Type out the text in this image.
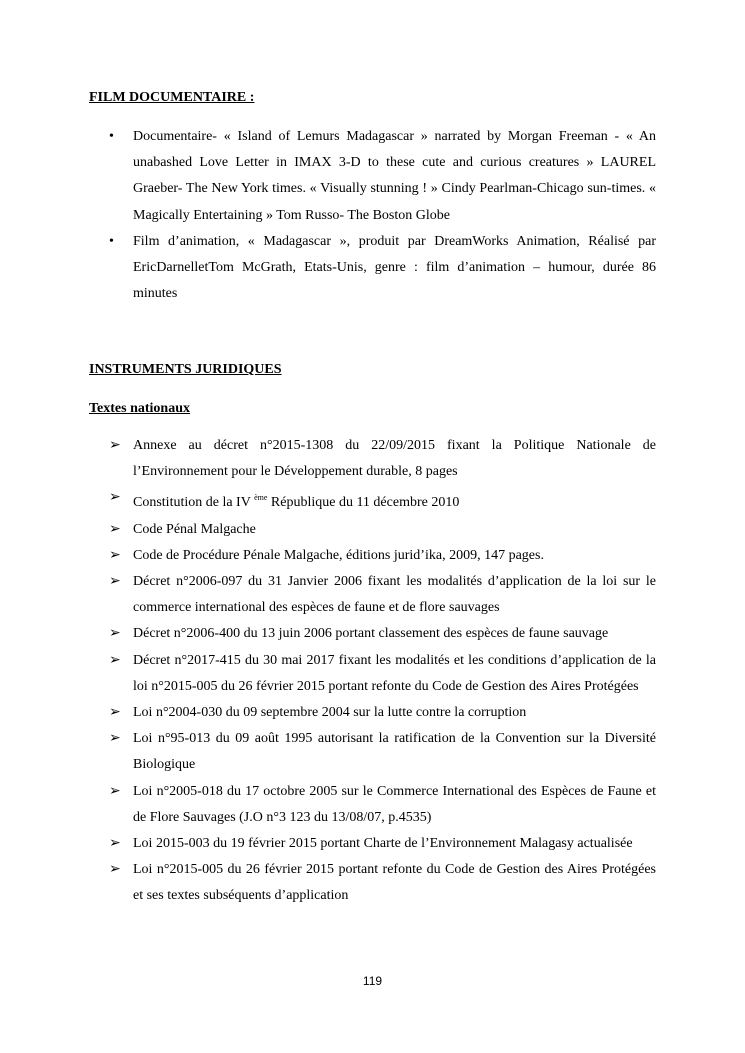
FILM DOCUMENTAIRE :
• Documentaire- « Island of Lemurs Madagascar » narrated by Morgan Freeman - « An unabashed Love Letter in IMAX 3-D to these cute and curious creatures » LAUREL Graeber- The New York times. « Visually stunning ! » Cindy Pearlman-Chicago sun-times. « Magically Entertaining » Tom Russo- The Boston Globe
• Film d’animation, « Madagascar », produit par DreamWorks Animation, Réalisé par EricDarnelletTom McGrath, Etats-Unis, genre : film d’animation – humour, durée 86 minutes
INSTRUMENTS JURIDIQUES
Textes nationaux
➢ Annexe au décret n°2015-1308 du 22/09/2015 fixant la Politique Nationale de l’Environnement pour le Développement durable, 8 pages
➢ Constitution de la IV $^{ème}$ République du 11 décembre 2010
➢ Code Pénal Malgache
➢ Code de Procédure Pénale Malgache, éditions jurid’ika, 2009, 147 pages.
➢ Décret n°2006-097 du 31 Janvier 2006 fixant les modalités d’application de la loi sur le commerce international des espèces de faune et de flore sauvages
➢ Décret n°2006-400 du 13 juin 2006 portant classement des espèces de faune sauvage
➢ Décret n°2017-415 du 30 mai 2017 fixant les modalités et les conditions d’application de la loi n°2015-005 du 26 février 2015 portant refonte du Code de Gestion des Aires Protégées
➢ Loi n°2004-030 du 09 septembre 2004 sur la lutte contre la corruption
➢ Loi n°95-013 du 09 août 1995 autorisant la ratification de la Convention sur la Diversité Biologique
➢ Loi n°2005-018 du 17 octobre 2005 sur le Commerce International des Espèces de Faune et de Flore Sauvages (J.O n°3 123 du 13/08/07, p.4535)
➢ Loi 2015-003 du 19 février 2015 portant Charte de l’Environnement Malagasy actualisée
➢ Loi n°2015-005 du 26 février 2015 portant refonte du Code de Gestion des Aires Protégées et ses textes subséquents d’application
119
